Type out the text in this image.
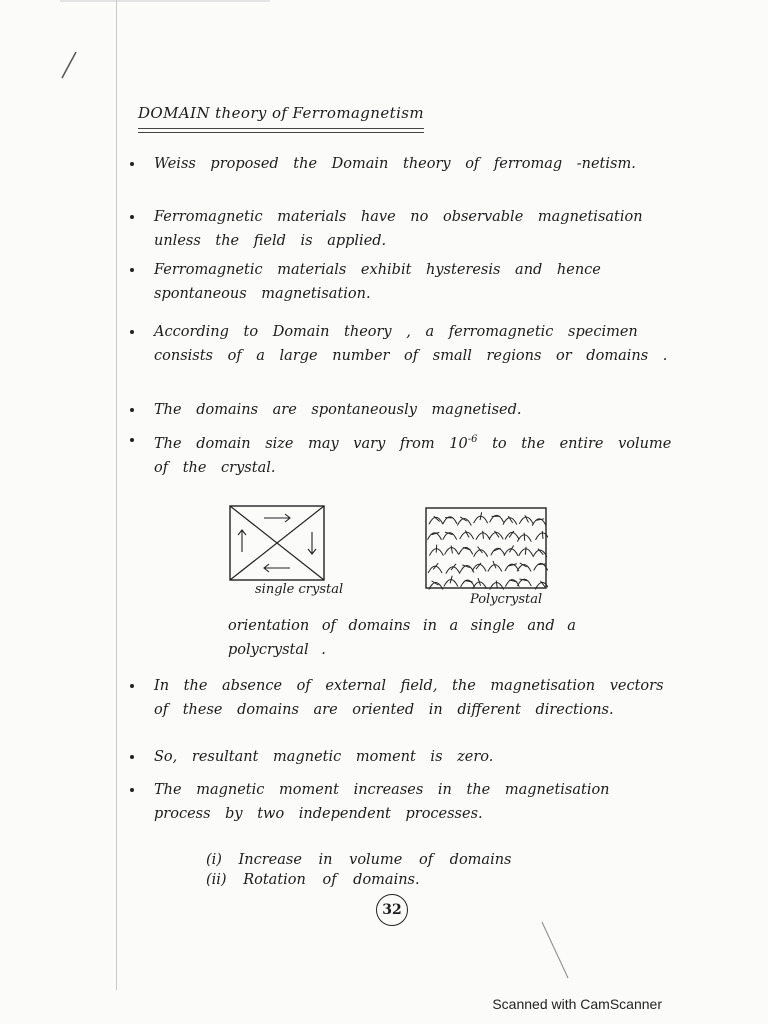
DOMAIN theory of Ferromagnetism
Weiss proposed the Domain theory of ferromag -netism.
Ferromagnetic materials have no observable magnetisation unless the field is applied.
Ferromagnetic materials exhibit hysteresis and hence spontaneous magnetisation.
According to Domain theory , a ferromagnetic specimen consists of a large number of small regions or domains .
The domains are spontaneously magnetised.
The domain size may vary from $10^{-6}$ to the entire volume of the crystal.
single crystal
Polycrystal
orientation of domains in a single and a polycrystal .
In the absence of external field, the magnetisation vectors of these domains are oriented in different directions.
So, resultant magnetic moment is zero.
The magnetic moment increases in the magnetisation process by two independent processes.
(i) Increase in volume of domains
(ii) Rotation of domains.
32
Scanned with CamScanner
